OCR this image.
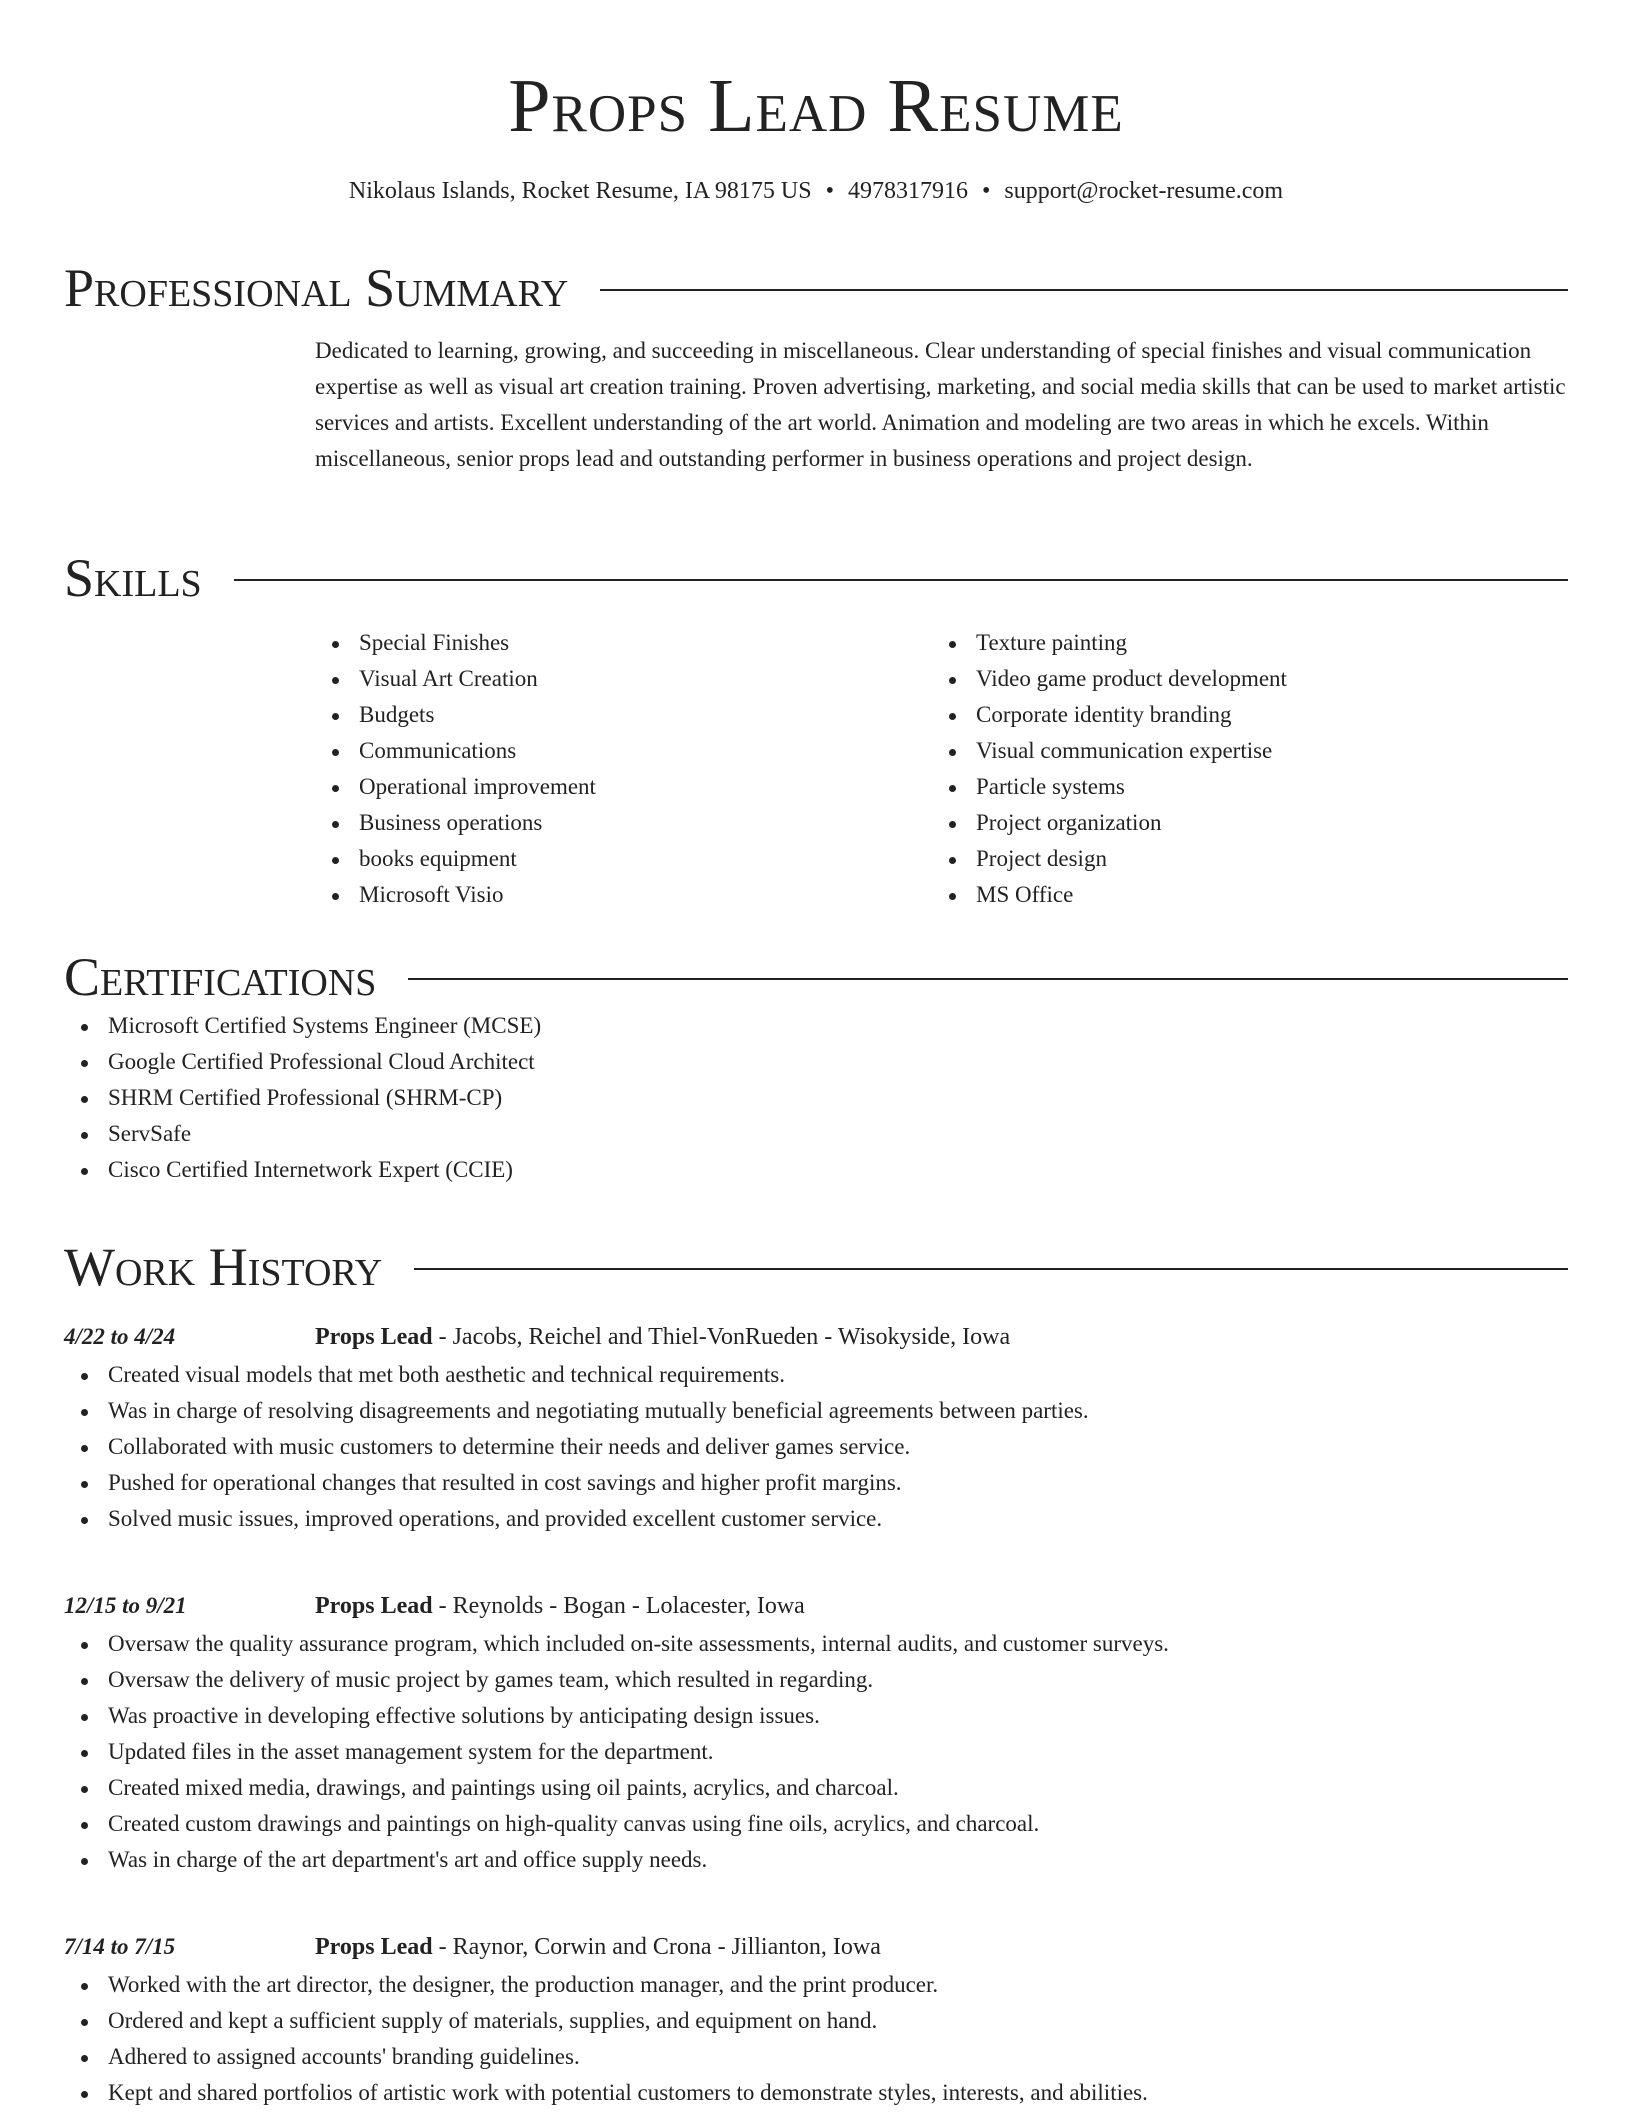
Props Lead Resume
Nikolaus Islands, Rocket Resume, IA 98175 US • 4978317916 • support@rocket-resume.com
Professional Summary

Dedicated to learning, growing, and succeeding in miscellaneous. Clear understanding of special finishes and visual communication expertise as well as visual art creation training. Proven advertising, marketing, and social media skills that can be used to market artistic services and artists. Excellent understanding of the art world. Animation and modeling are two areas in which he excels. Within miscellaneous, senior props lead and outstanding performer in business operations and project design.

Skills
Special Finishes
Visual Art Creation
Budgets
Communications
Operational improvement
Business operations
books equipment
Microsoft Visio
Texture painting
Video game product development
Corporate identity branding
Visual communication expertise
Particle systems
Project organization
Project design
MS Office
Certifications
Microsoft Certified Systems Engineer (MCSE)
Google Certified Professional Cloud Architect
SHRM Certified Professional (SHRM-CP)
ServSafe
Cisco Certified Internetwork Expert (CCIE)
Work History
4/22 to 4/24	Props Lead - Jacobs, Reichel and Thiel-VonRueden - Wisokyside, Iowa
Created visual models that met both aesthetic and technical requirements.
Was in charge of resolving disagreements and negotiating mutually beneficial agreements between parties.
Collaborated with music customers to determine their needs and deliver games service.
Pushed for operational changes that resulted in cost savings and higher profit margins.
Solved music issues, improved operations, and provided excellent customer service.
12/15 to 9/21	Props Lead - Reynolds - Bogan - Lolacester, Iowa
Oversaw the quality assurance program, which included on-site assessments, internal audits, and customer surveys.
Oversaw the delivery of music project by games team, which resulted in regarding.
Was proactive in developing effective solutions by anticipating design issues.
Updated files in the asset management system for the department.
Created mixed media, drawings, and paintings using oil paints, acrylics, and charcoal.
Created custom drawings and paintings on high-quality canvas using fine oils, acrylics, and charcoal.
Was in charge of the art department's art and office supply needs.
7/14 to 7/15	Props Lead - Raynor, Corwin and Crona - Jillianton, Iowa
Worked with the art director, the designer, the production manager, and the print producer.
Ordered and kept a sufficient supply of materials, supplies, and equipment on hand.
Adhered to assigned accounts' branding guidelines.
Kept and shared portfolios of artistic work with potential customers to demonstrate styles, interests, and abilities.
